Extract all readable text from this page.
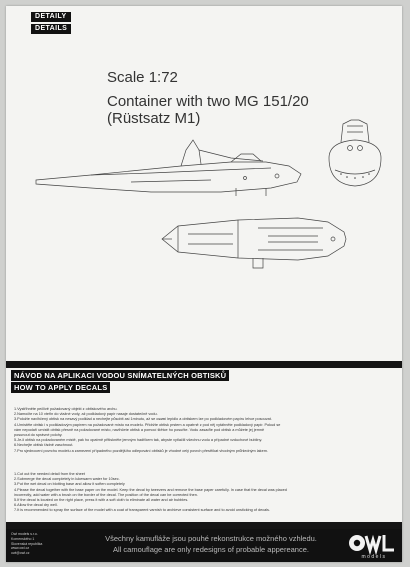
DETAILY
DETAILS
Scale 1:72
Container with two MG 151/20
(Rüstsatz M1)
NÁVOD NA APLIKACI VODOU SNÍMATELNÝCH OBTISKŮ
HOW TO APPLY DECALS
1.Vystřihněte pečlivě požadovaný objekt z obtiskového archu.
2.Namočte na 10 vteřin do vlažné vody, až podkladový papír nasaje dostatečně vodu.
3.Položte navlhčený obtisk na nesavý podklad a nechejte působit asi 1minutu, až se oживí lepidlo a obtiskem lze po podkladovém papíru lehce posouvat.
4.Umístěte obtisk i s podkladovým papírem na požadované místo na modelu. Přidržte obtisk prstem a opatrně z pod něj vytáhněte podkladový papír. Pokud se
vám nepodaří umístit obtisk přesně na požadované místo, navlhčete obtisk a pomocí štětce ho posuňte. Vodu zasaďte pod obtisk a můžete jej jemně
posunout do správné polohy.
5.Je-li obtisk na požadovaném místě, pak ho opatrně přitiskněte jemným hadříkem tak, abyste vytlačili všechnu vodu a případné vzduchové bubliny.
6.Nechejte obtisk řádně zaschnout.
7.Pro sjednocení povrchu modelu a zamezení případného pozdějšího odlepování obtisků je vhodné celý povrch přestříkat vhodným průhledným lakem.
1.Cut out the needed detail from the sheet
2.Submerge the decal completely in lukewarm water for 10sec.
3.Put the wet decal on blotting base and allow it soften completely
4.Please the decal together with the base paper on the model. Keep the decal by tweezers and remove the base paper carefully. In case that the decal was placed
incorrectly, add water with a brush on the border of the decal. The position of the decal can be corrected then.
5.If the decal is located on the right place, press it with a soft cloth to eliminate all water and air bubbles.
6.Allow the decal dry well.
7.It is recommended to spray the surface of the model with a coat of transparent varnish to archieve consistent surface and to avoid unsticking of decals.
Owl models s.r.o.
Komenského 1
Slovenská republika
www.owl.cz
owl@owl.cz
Všechny kamufláže jsou pouhé rekonstrukce možného vzhledu.
All camouflage are only redesigns of probable appereance.
models
